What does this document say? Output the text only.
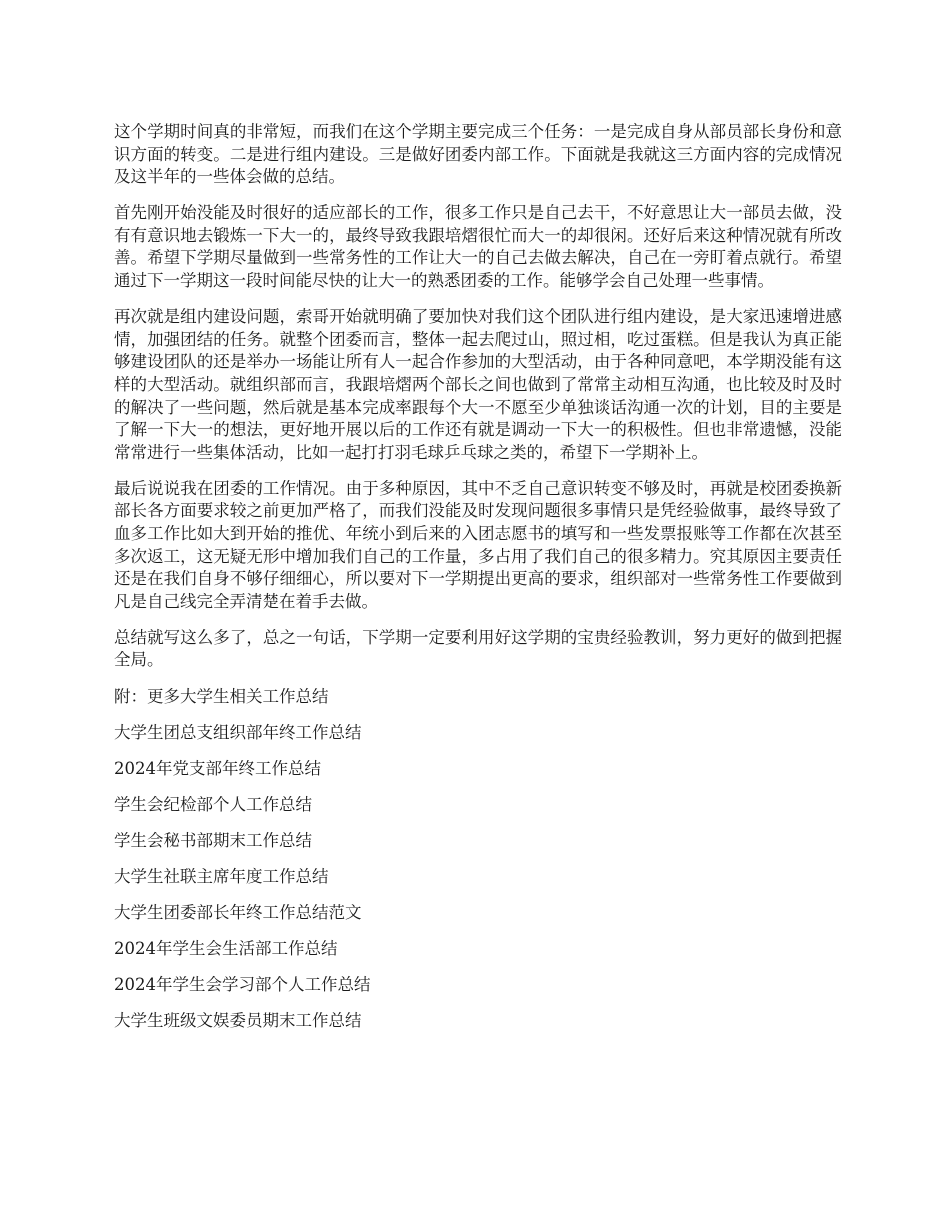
这个学期时间真的非常短，而我们在这个学期主要完成三个任务：一是完成自身从部员部长身份和意识方面的转变。二是进行组内建设。三是做好团委内部工作。下面就是我就这三方面内容的完成情况及这半年的一些体会做的总结。

首先刚开始没能及时很好的适应部长的工作，很多工作只是自己去干，不好意思让大一部员去做，没有有意识地去锻炼一下大一的，最终导致我跟培熠很忙而大一的却很闲。还好后来这种情况就有所改善。希望下学期尽量做到一些常务性的工作让大一的自己去做去解决，自己在一旁盯着点就行。希望通过下一学期这一段时间能尽快的让大一的熟悉团委的工作。能够学会自己处理一些事情。

再次就是组内建设问题，索哥开始就明确了要加快对我们这个团队进行组内建设，是大家迅速增进感情，加强团结的任务。就整个团委而言，整体一起去爬过山，照过相，吃过蛋糕。但是我认为真正能够建设团队的还是举办一场能让所有人一起合作参加的大型活动，由于各种同意吧，本学期没能有这样的大型活动。就组织部而言，我跟培熠两个部长之间也做到了常常主动相互沟通，也比较及时及时的解决了一些问题，然后就是基本完成率跟每个大一不愿至少单独谈话沟通一次的计划，目的主要是了解一下大一的想法，更好地开展以后的工作还有就是调动一下大一的积极性。但也非常遗憾，没能常常进行一些集体活动，比如一起打打羽毛球乒乓球之类的，希望下一学期补上。

最后说说我在团委的工作情况。由于多种原因，其中不乏自己意识转变不够及时，再就是校团委换新部长各方面要求较之前更加严格了，而我们没能及时发现问题很多事情只是凭经验做事，最终导致了血多工作比如大到开始的推优、年统小到后来的入团志愿书的填写和一些发票报账等工作都在次甚至多次返工，这无疑无形中增加我们自己的工作量，多占用了我们自己的很多精力。究其原因主要责任还是在我们自身不够仔细细心，所以要对下一学期提出更高的要求，组织部对一些常务性工作要做到凡是自己线完全弄清楚在着手去做。

总结就写这么多了，总之一句话，下学期一定要利用好这学期的宝贵经验教训，努力更好的做到把握全局。

附：更多大学生相关工作总结
大学生团总支组织部年终工作总结
2024年党支部年终工作总结
学生会纪检部个人工作总结
学生会秘书部期末工作总结
大学生社联主席年度工作总结
大学生团委部长年终工作总结范文
2024年学生会生活部工作总结
2024年学生会学习部个人工作总结
大学生班级文娱委员期末工作总结
